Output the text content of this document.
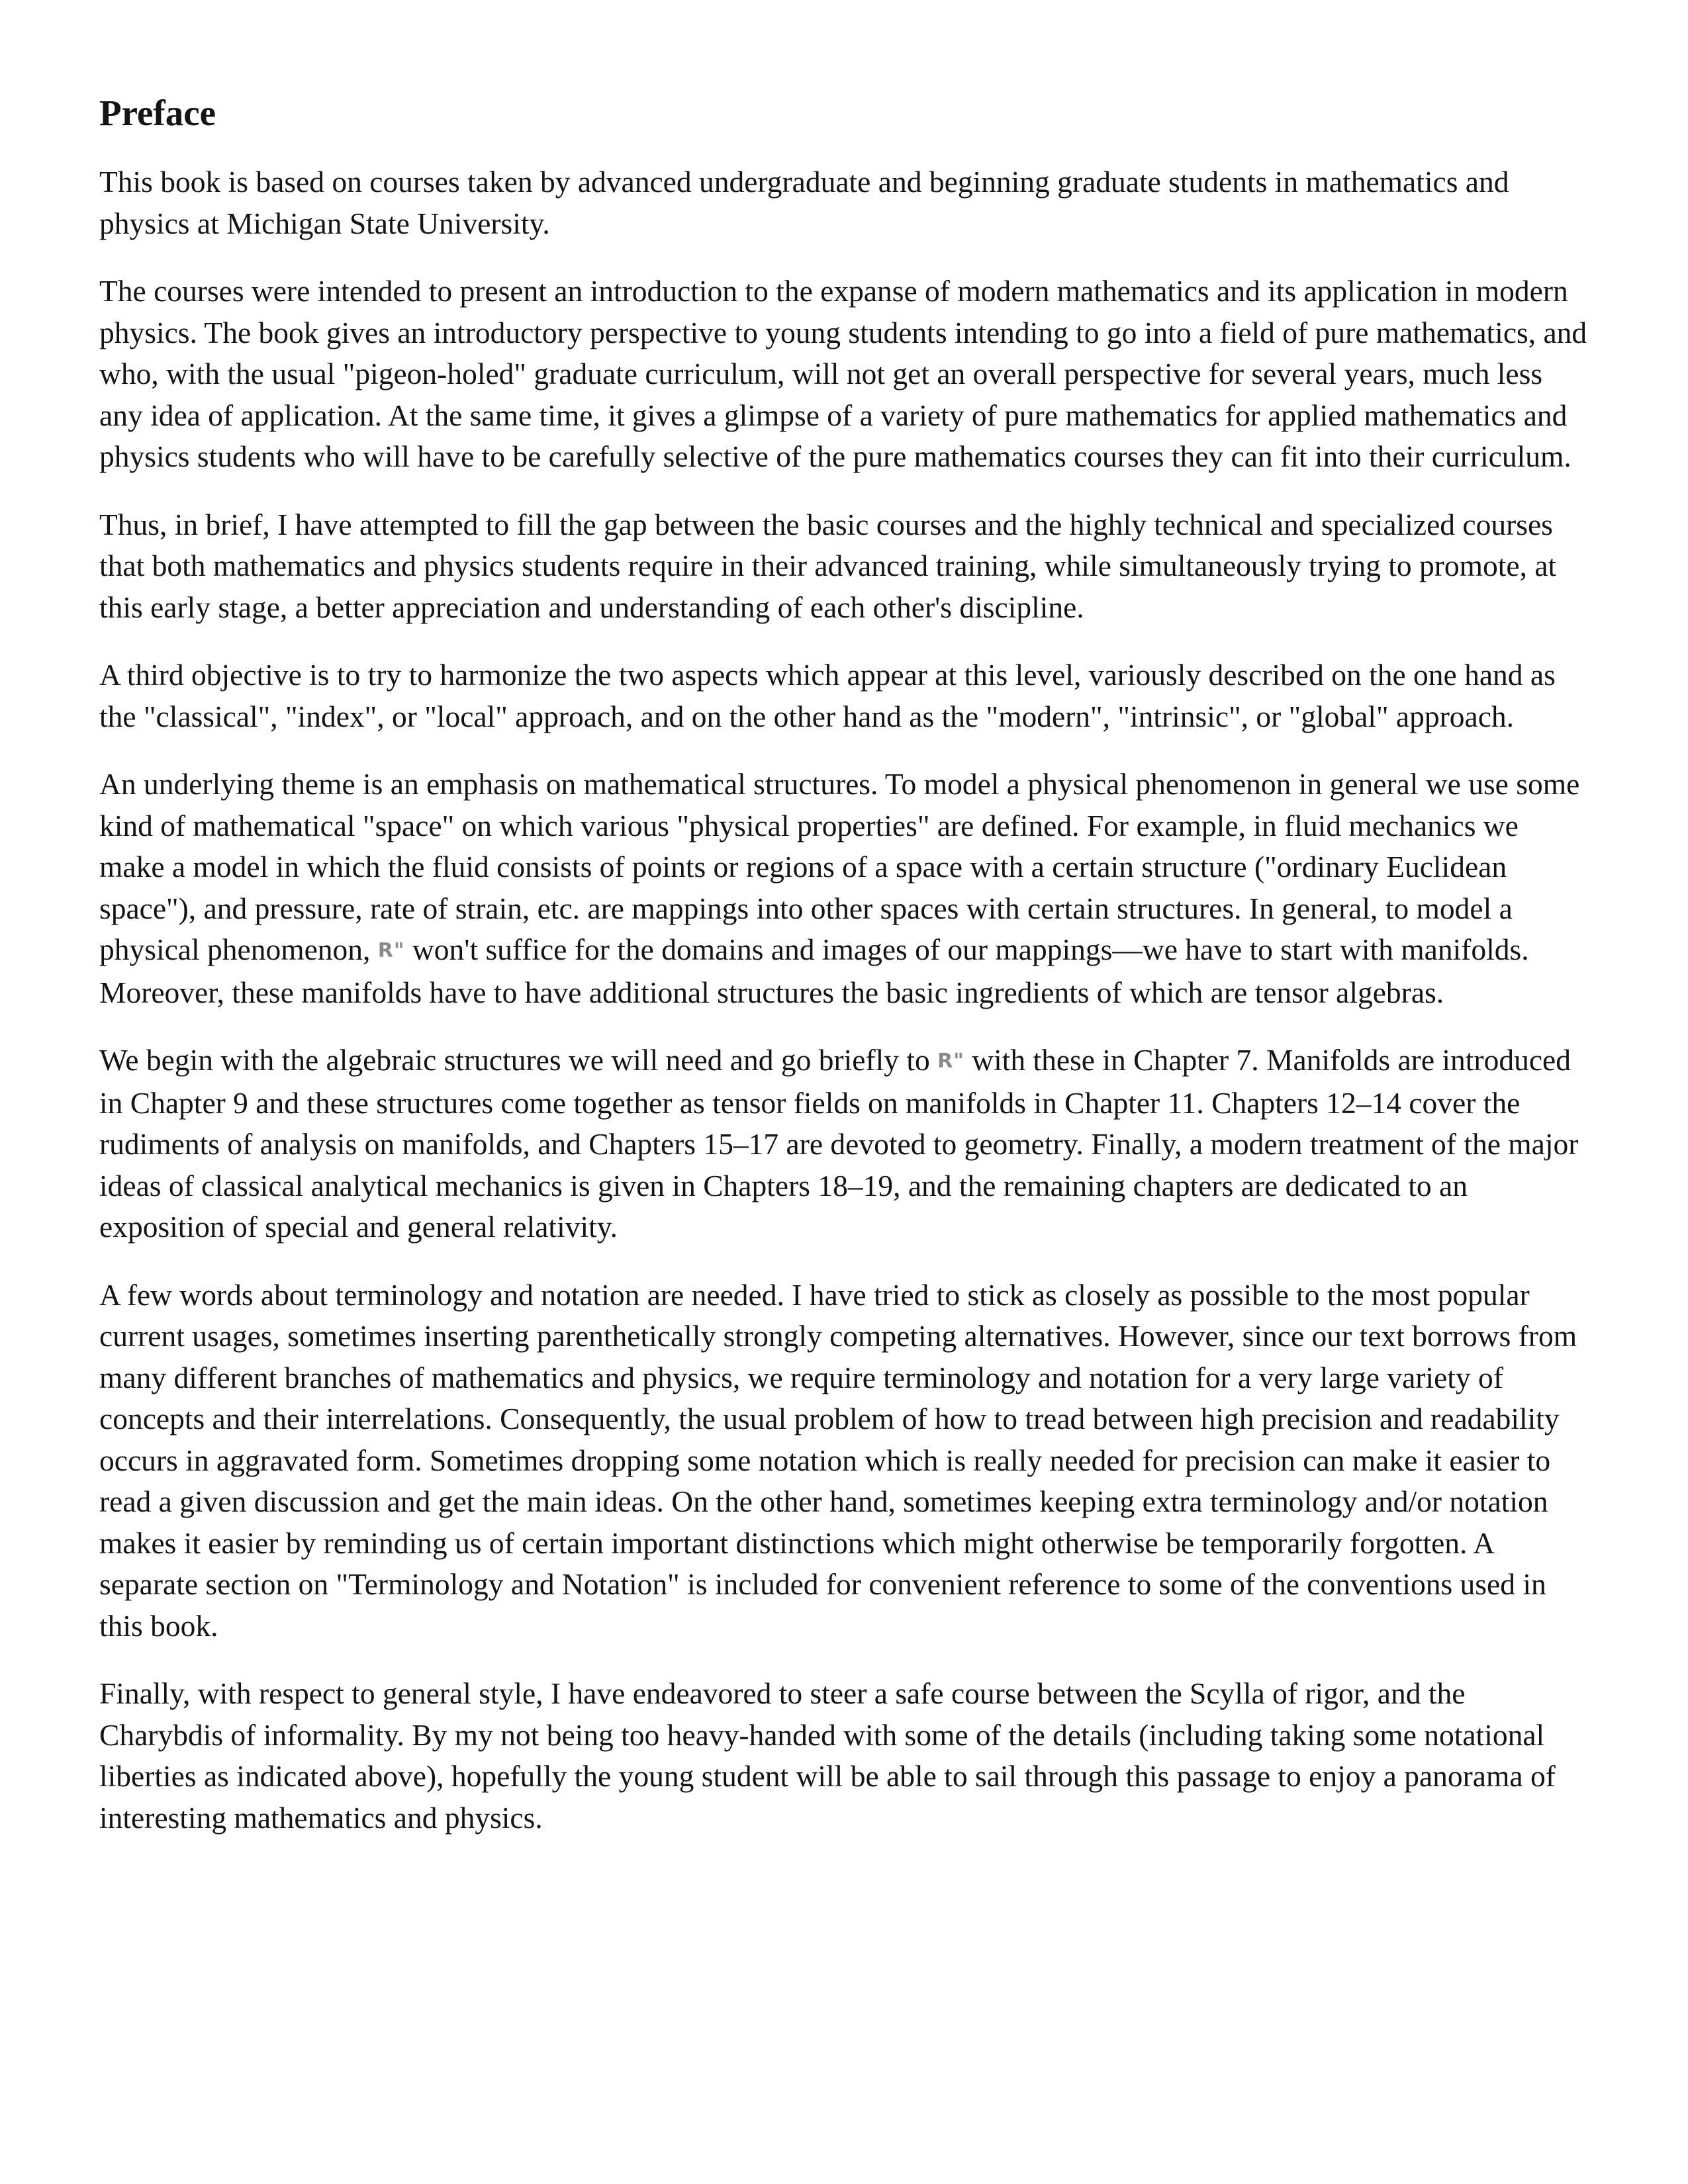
Preface

This book is based on courses taken by advanced undergraduate and beginning graduate students in mathematics and physics at Michigan State University.

The courses were intended to present an introduction to the expanse of modern mathematics and its application in modern physics. The book gives an introductory perspective to young students intending to go into a field of pure mathematics, and who, with the usual "pigeon-holed" graduate curriculum, will not get an overall perspective for several years, much less any idea of application. At the same time, it gives a glimpse of a variety of pure mathematics for applied mathematics and physics students who will have to be carefully selective of the pure mathematics courses they can fit into their curriculum.

Thus, in brief, I have attempted to fill the gap between the basic courses and the highly technical and specialized courses that both mathematics and physics students require in their advanced training, while simultaneously trying to promote, at this early stage, a better appreciation and understanding of each other's discipline.

A third objective is to try to harmonize the two aspects which appear at this level, variously described on the one hand as the "classical", "index", or "local" approach, and on the other hand as the "modern", "intrinsic", or "global" approach.

An underlying theme is an emphasis on mathematical structures. To model a physical phenomenon in general we use some kind of mathematical "space" on which various "physical properties" are defined. For example, in fluid mechanics we make a model in which the fluid consists of points or regions of a space with a certain structure ("ordinary Euclidean space"), and pressure, rate of strain, etc. are mappings into other spaces with certain structures. In general, to model a physical phenomenon, R" won't suffice for the domains and images of our mappings—we have to start with manifolds. Moreover, these manifolds have to have additional structures the basic ingredients of which are tensor algebras.

We begin with the algebraic structures we will need and go briefly to R" with these in Chapter 7. Manifolds are introduced in Chapter 9 and these structures come together as tensor fields on manifolds in Chapter 11. Chapters 12–14 cover the rudiments of analysis on manifolds, and Chapters 15–17 are devoted to geometry. Finally, a modern treatment of the major ideas of classical analytical mechanics is given in Chapters 18–19, and the remaining chapters are dedicated to an exposition of special and general relativity.

A few words about terminology and notation are needed. I have tried to stick as closely as possible to the most popular current usages, sometimes inserting parenthetically strongly competing alternatives. However, since our text borrows from many different branches of mathematics and physics, we require terminology and notation for a very large variety of concepts and their interrelations. Consequently, the usual problem of how to tread between high precision and readability occurs in aggravated form. Sometimes dropping some notation which is really needed for precision can make it easier to read a given discussion and get the main ideas. On the other hand, sometimes keeping extra terminology and/or notation makes it easier by reminding us of certain important distinctions which might otherwise be temporarily forgotten. A separate section on "Terminology and Notation" is included for convenient reference to some of the conventions used in this book.

Finally, with respect to general style, I have endeavored to steer a safe course between the Scylla of rigor, and the Charybdis of informality. By my not being too heavy-handed with some of the details (including taking some notational liberties as indicated above), hopefully the young student will be able to sail through this passage to enjoy a panorama of interesting mathematics and physics.
